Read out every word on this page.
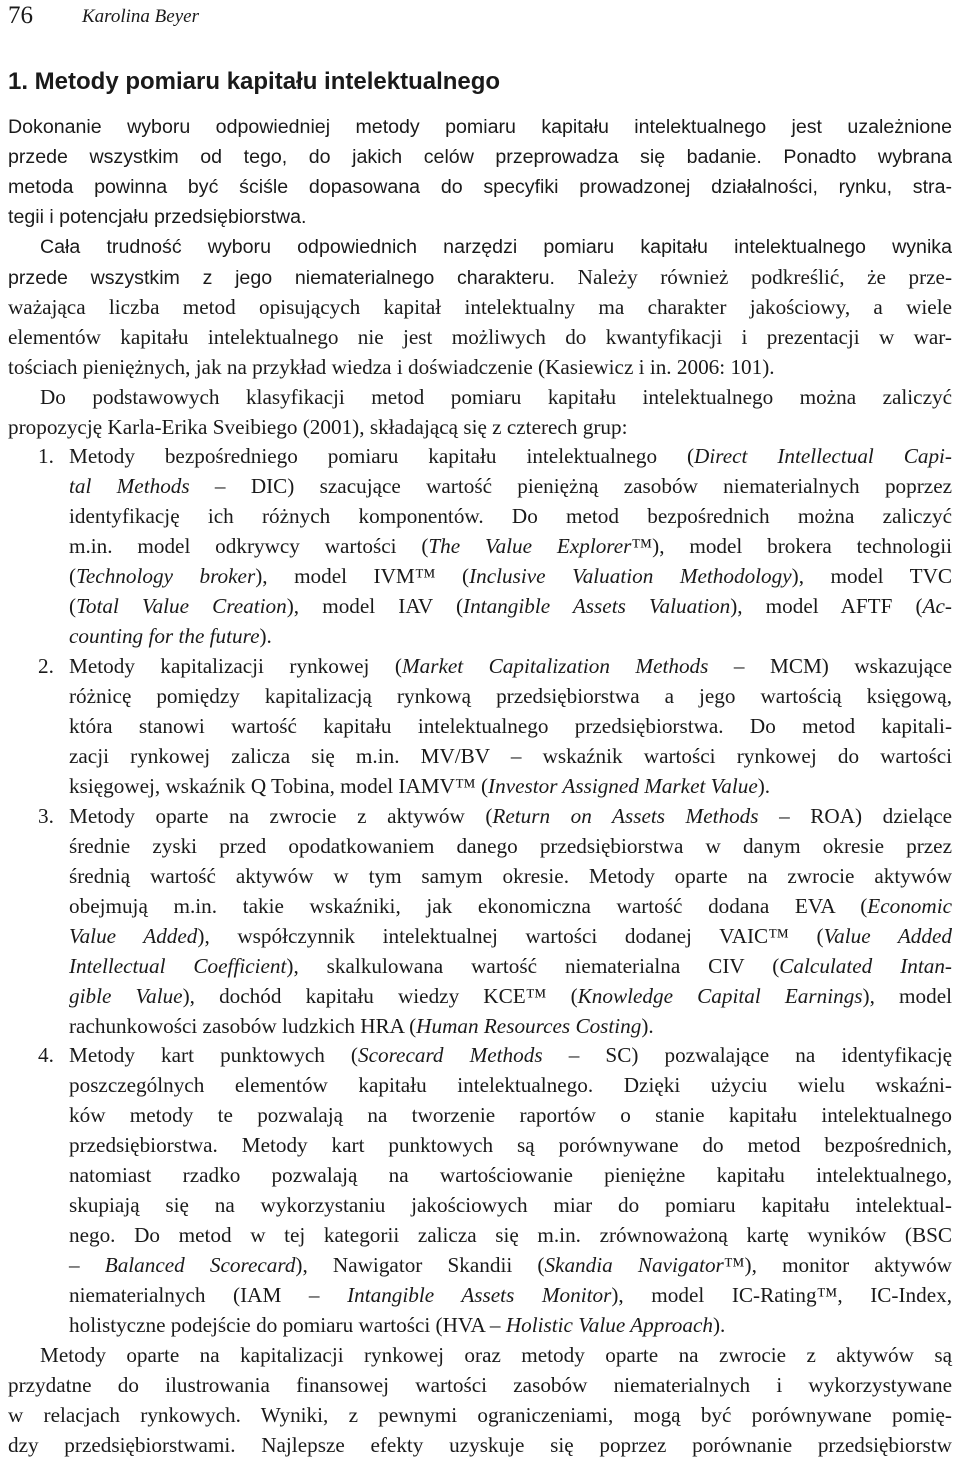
76	Karolina Beyer
1. Metody pomiaru kapitału intelektualnego
Dokonanie wyboru odpowiedniej metody pomiaru kapitału intelektualnego jest uzależnione
przede wszystkim od tego, do jakich celów przeprowadza się badanie. Ponadto wybrana
metoda powinna być ściśle dopasowana do specyfiki prowadzonej działalności, rynku, stra-
tegii i potencjału przedsiębiorstwa.
Cała trudność wyboru odpowiednich narzędzi pomiaru kapitału intelektualnego wynika
przede wszystkim z jego niematerialnego charakteru. Należy również podkreślić, że prze-
ważająca liczba metod opisujących kapitał intelektualny ma charakter jakościowy, a wiele
elementów kapitału intelektualnego nie jest możliwych do kwantyfikacji i prezentacji w war-
tościach pieniężnych, jak na przykład wiedza i doświadczenie (Kasiewicz i in. 2006: 101).
Do podstawowych klasyfikacji metod pomiaru kapitału intelektualnego można zaliczyć
propozycję Karla-Erika Sveibiego (2001), składającą się z czterech grup:
1. Metody bezpośredniego pomiaru kapitału intelektualnego (Direct Intellectual Capi-
tal Methods – DIC) szacujące wartość pieniężną zasobów niematerialnych poprzez
identyfikację ich różnych komponentów. Do metod bezpośrednich można zaliczyć
m.in. model odkrywcy wartości (The Value Explorer™), model brokera technologii
(Technology broker), model IVM™ (Inclusive Valuation Methodology), model TVC
(Total Value Creation), model IAV (Intangible Assets Valuation), model AFTF (Ac-
counting for the future).
2. Metody kapitalizacji rynkowej (Market Capitalization Methods – MCM) wskazujące
różnicę pomiędzy kapitalizacją rynkową przedsiębiorstwa a jego wartością księgową,
która stanowi wartość kapitału intelektualnego przedsiębiorstwa. Do metod kapitali-
zacji rynkowej zalicza się m.in. MV/BV – wskaźnik wartości rynkowej do wartości
księgowej, wskaźnik Q Tobina, model IAMV™ (Investor Assigned Market Value).
3. Metody oparte na zwrocie z aktywów (Return on Assets Methods – ROA) dzielące
średnie zyski przed opodatkowaniem danego przedsiębiorstwa w danym okresie przez
średnią wartość aktywów w tym samym okresie. Metody oparte na zwrocie aktywów
obejmują m.in. takie wskaźniki, jak ekonomiczna wartość dodana EVA (Economic
Value Added), współczynnik intelektualnej wartości dodanej VAIC™ (Value Added
Intellectual Coefficient), skalkulowana wartość niematerialna CIV (Calculated Intan-
gible Value), dochód kapitału wiedzy KCE™ (Knowledge Capital Earnings), model
rachunkowości zasobów ludzkich HRA (Human Resources Costing).
4. Metody kart punktowych (Scorecard Methods – SC) pozwalające na identyfikację
poszczególnych elementów kapitału intelektualnego. Dzięki użyciu wielu wskaźni-
ków metody te pozwalają na tworzenie raportów o stanie kapitału intelektualnego
przedsiębiorstwa. Metody kart punktowych są porównywane do metod bezpośrednich,
natomiast rzadko pozwalają na wartościowanie pieniężne kapitału intelektualnego,
skupiają się na wykorzystaniu jakościowych miar do pomiaru kapitału intelektual-
nego. Do metod w tej kategorii zalicza się m.in. zrównoważoną kartę wyników (BSC
– Balanced Scorecard), Nawigator Skandii (Skandia Navigator™), monitor aktywów
niematerialnych (IAM – Intangible Assets Monitor), model IC-Rating™, IC-Index,
holistyczne podejście do pomiaru wartości (HVA – Holistic Value Approach).
Metody oparte na kapitalizacji rynkowej oraz metody oparte na zwrocie z aktywów są
przydatne do ilustrowania finansowej wartości zasobów niematerialnych i wykorzystywane
w relacjach rynkowych. Wyniki, z pewnymi ograniczeniami, mogą być porównywane pomię-
dzy przedsiębiorstwami. Najlepsze efekty uzyskuje się poprzez porównanie przedsiębiorstw
